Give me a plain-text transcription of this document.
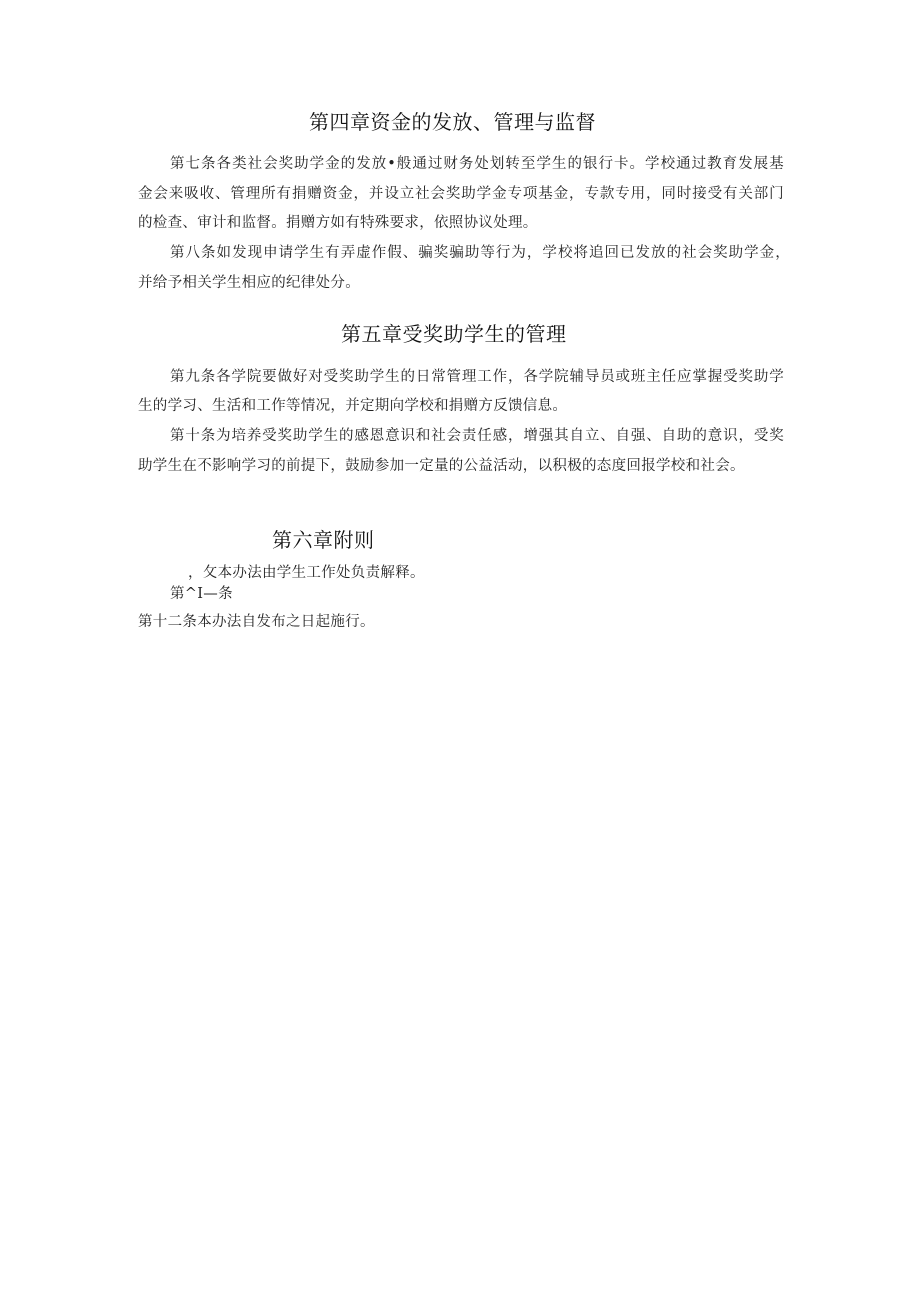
第四章资金的发放、管理与监督
第七条各类社会奖助学金的发放•般通过财务处划转至学生的银行卡。学校通过教育发展基
金会来吸收、管理所有捐赠资金，并设立社会奖助学金专项基金，专款专用，同时接受有关部门
的检查、审计和监督。捐赠方如有特殊要求，依照协议处理。
第八条如发现申请学生有弄虚作假、骗奖骗助等行为，学校将追回已发放的社会奖助学金，
并给予相关学生相应的纪律处分。
第五章受奖助学生的管理
第九条各学院要做好对受奖助学生的日常管理工作，各学院辅导员或班主任应掌握受奖助学
生的学习、生活和工作等情况，并定期向学校和捐赠方反馈信息。
第十条为培养受奖助学生的感恩意识和社会责任感，增强其自立、自强、自助的意识，受奖
助学生在不影响学习的前提下，鼓励参加一定量的公益活动，以积极的态度回报学校和社会。
第六章附则
，攵本办法由学生工作处负责解释。
第^I—条
第十二条本办法自发布之日起施行。
